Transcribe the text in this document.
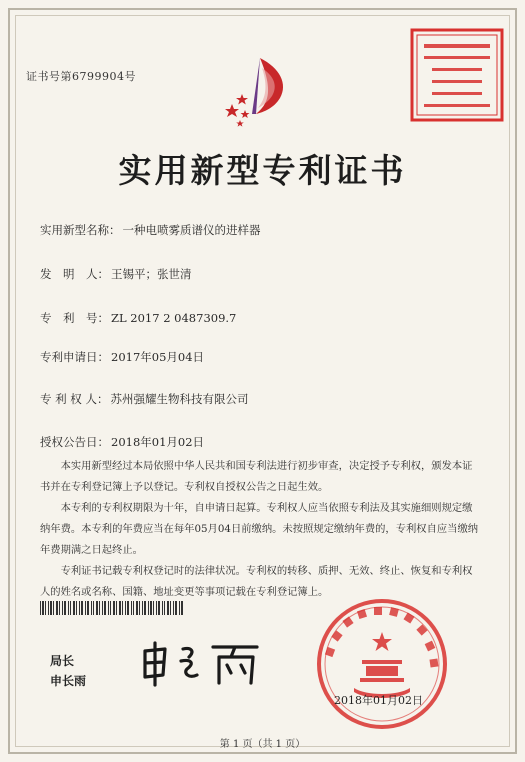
证书号第6799904号
实用新型专利证书
实用新型名称： 一种电喷雾质谱仪的进样器
发　明　人： 王锡平；张世清
专　利　号： ZL 2017 2 0487309.7
专利申请日： 2017年05月04日
专 利 权 人： 苏州强耀生物科技有限公司
授权公告日： 2018年01月02日

本实用新型经过本局依照中华人民共和国专利法进行初步审查，决定授予专利权，颁发本证书并在专利登记簿上予以登记。专利权自授权公告之日起生效。

本专利的专利权期限为十年，自申请日起算。专利权人应当依照专利法及其实施细则规定缴纳年费。本专利的年费应当在每年05月04日前缴纳。未按照规定缴纳年费的，专利权自应当缴纳年费期满之日起终止。

专利证书记载专利权登记时的法律状况。专利权的转移、质押、无效、终止、恢复和专利权人的姓名或名称、国籍、地址变更等事项记载在专利登记簿上。

局长
申长雨
2018年01月02日
第 1 页（共 1 页）
